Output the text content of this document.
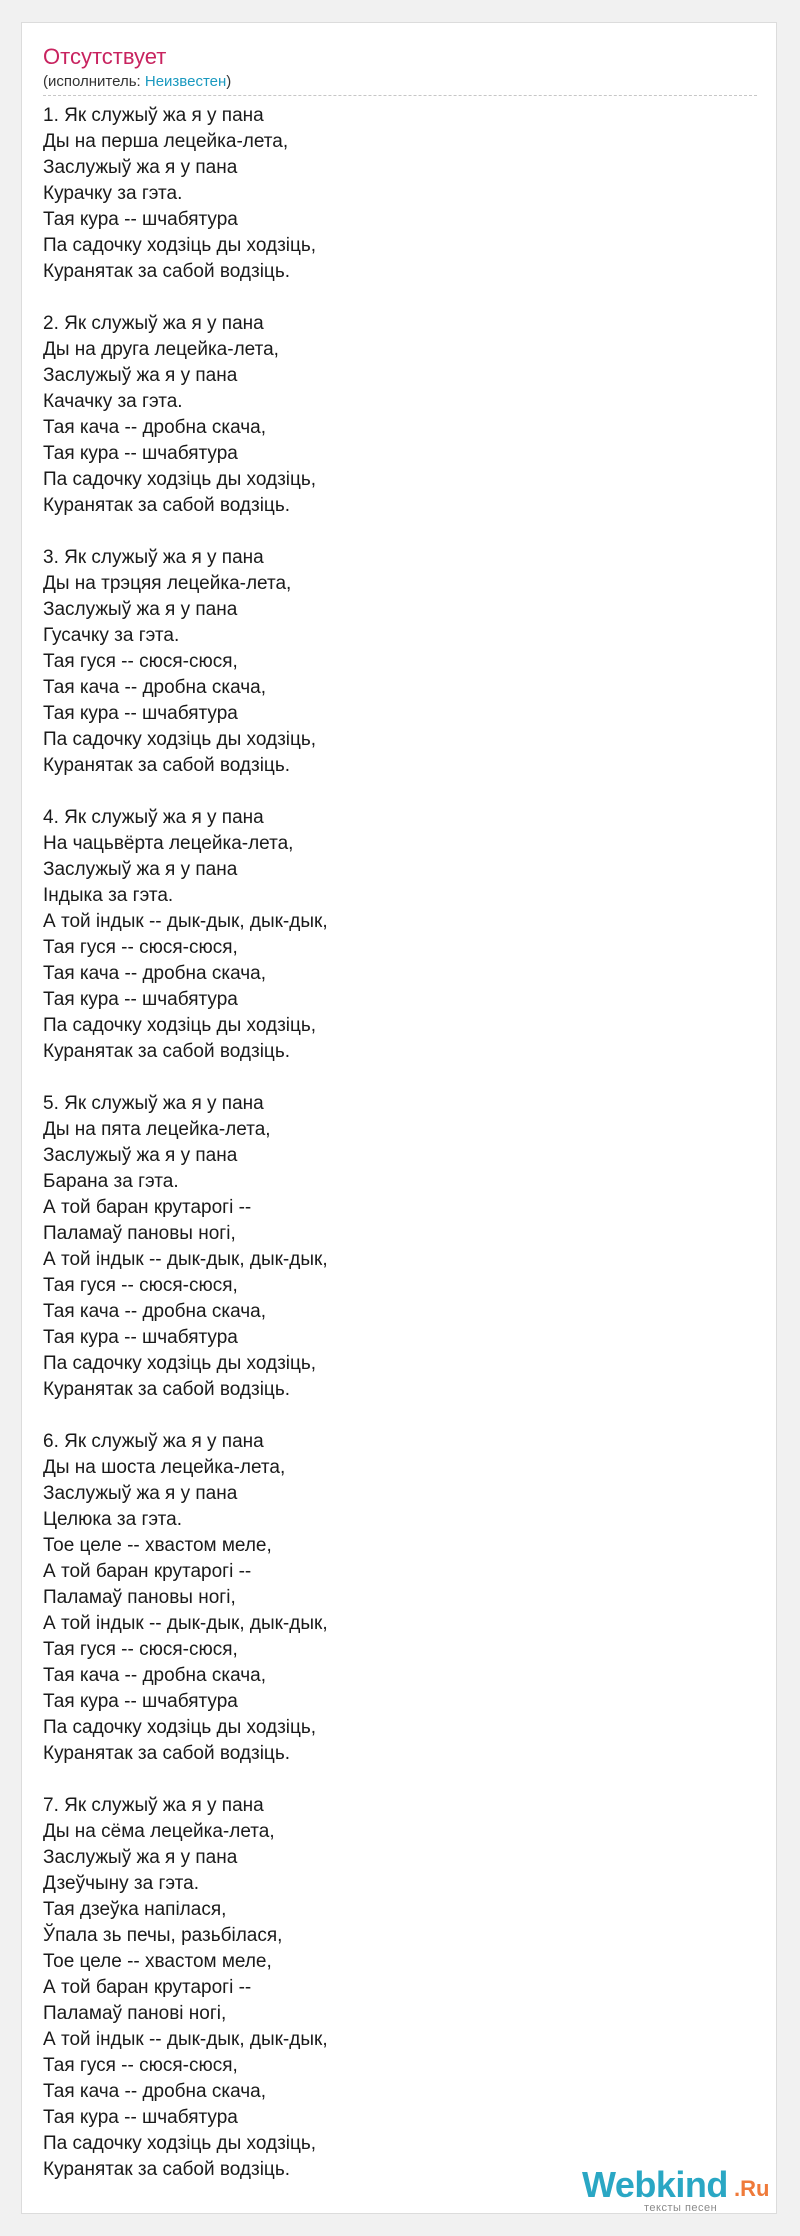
Отсутствует
(исполнитель: Неизвестен)
1. Як служыў жа я у пана
Ды на перша лецейка-лета,
Заслужыў жа я у пана
Курачку за гэта.
Тая кура -- шчабятура
Па садочку ходзіць ды ходзіць,
Куранятак за сабой водзіць.
2. Як служыў жа я у пана
Ды на друга лецейка-лета,
Заслужыў жа я у пана
Качачку за гэта.
Тая кача -- дробна скача,
Тая кура -- шчабятура
Па садочку ходзіць ды ходзіць,
Куранятак за сабой водзіць.
3. Як служыў жа я у пана
Ды на трэцяя лецейка-лета,
Заслужыў жа я у пана
Гусачку за гэта.
Тая гуся -- сюся-сюся,
Тая кача -- дробна скача,
Тая кура -- шчабятура
Па садочку ходзіць ды ходзіць,
Куранятак за сабой водзіць.
4. Як служыў жа я у пана
На чацьвёрта лецейка-лета,
Заслужыў жа я у пана
Індыка за гэта.
А той індык -- дык-дык, дык-дык,
Тая гуся -- сюся-сюся,
Тая кача -- дробна скача,
Тая кура -- шчабятура
Па садочку ходзіць ды ходзіць,
Куранятак за сабой водзіць.
5. Як служыў жа я у пана
Ды на пята лецейка-лета,
Заслужыў жа я у пана
Барана за гэта.
А той баран крутарогі --
Паламаў пановы ногі,
А той індык -- дык-дык, дык-дык,
Тая гуся -- сюся-сюся,
Тая кача -- дробна скача,
Тая кура -- шчабятура
Па садочку ходзіць ды ходзіць,
Куранятак за сабой водзіць.
6. Як служыў жа я у пана
Ды на шоста лецейка-лета,
Заслужыў жа я у пана
Целюка за гэта.
Тое целе -- хвастом меле,
А той баран крутарогі --
Паламаў пановы ногі,
А той індык -- дык-дык, дык-дык,
Тая гуся -- сюся-сюся,
Тая кача -- дробна скача,
Тая кура -- шчабятура
Па садочку ходзіць ды ходзіць,
Куранятак за сабой водзіць.
7. Як служыў жа я у пана
Ды на сёма лецейка-лета,
Заслужыў жа я у пана
Дзеўчыну за гэта.
Тая дзеўка напілася,
Ўпала зь печы, разьбілася,
Тое целе -- хвастом меле,
А той баран крутарогі --
Паламаў панові ногі,
А той індык -- дык-дык, дык-дык,
Тая гуся -- сюся-сюся,
Тая кача -- дробна скача,
Тая кура -- шчабятура
Па садочку ходзіць ды ходзіць,
Куранятак за сабой водзіць.	Webkind .Ru
тексты песен
